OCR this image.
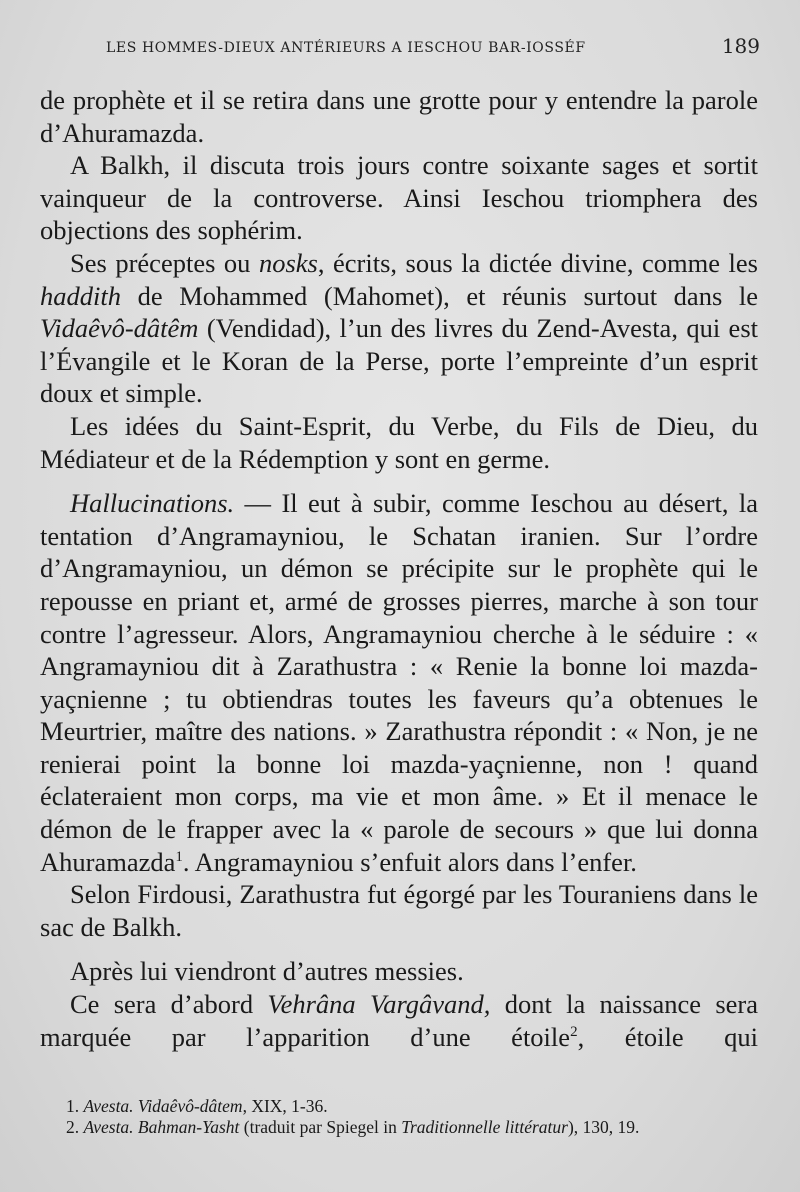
LES HOMMES-DIEUX ANTÉRIEURS A IESCHOU BAR-IOSSÉF	189

de prophète et il se retira dans une grotte pour y entendre la parole d’Ahuramazda.

A Balkh, il discuta trois jours contre soixante sages et sortit vainqueur de la controverse. Ainsi Ieschou triomphera des objections des sophérim.

Ses préceptes ou nosks, écrits, sous la dictée divine, comme les haddith de Mohammed (Mahomet), et réunis surtout dans le Vidaêvô-dâtêm (Vendidad), l’un des livres du Zend-Avesta, qui est l’Évangile et le Koran de la Perse, porte l’empreinte d’un esprit doux et simple.

Les idées du Saint-Esprit, du Verbe, du Fils de Dieu, du Médiateur et de la Rédemption y sont en germe.

Hallucinations. — Il eut à subir, comme Ieschou au désert, la tentation d’Angramayniou, le Schatan iranien. Sur l’ordre d’Angramayniou, un démon se précipite sur le prophète qui le repousse en priant et, armé de grosses pierres, marche à son tour contre l’agresseur. Alors, Angramayniou cherche à le séduire : « Angramayniou dit à Zarathustra : « Renie la bonne loi mazda-yaçnienne ; tu obtiendras toutes les faveurs qu’a obtenues le Meurtrier, maître des nations. » Zarathustra répondit : « Non, je ne renierai point la bonne loi mazda-yaçnienne, non ! quand éclateraient mon corps, ma vie et mon âme. » Et il menace le démon de le frapper avec la « parole de secours » que lui donna Ahuramazda$^1$. Angramayniou s’enfuit alors dans l’enfer.

Selon Firdousi, Zarathustra fut égorgé par les Touraniens dans le sac de Balkh.

Après lui viendront d’autres messies.

Ce sera d’abord Vehrâna Vargâvand, dont la naissance sera marquée par l’apparition d’une étoile$^2$, étoile qui

1. Avesta. Vidaêvô-dâtem, XIX, 1-36.

2. Avesta. Bahman-Yasht (traduit par Spiegel in Traditionnelle littératur), 130, 19.
